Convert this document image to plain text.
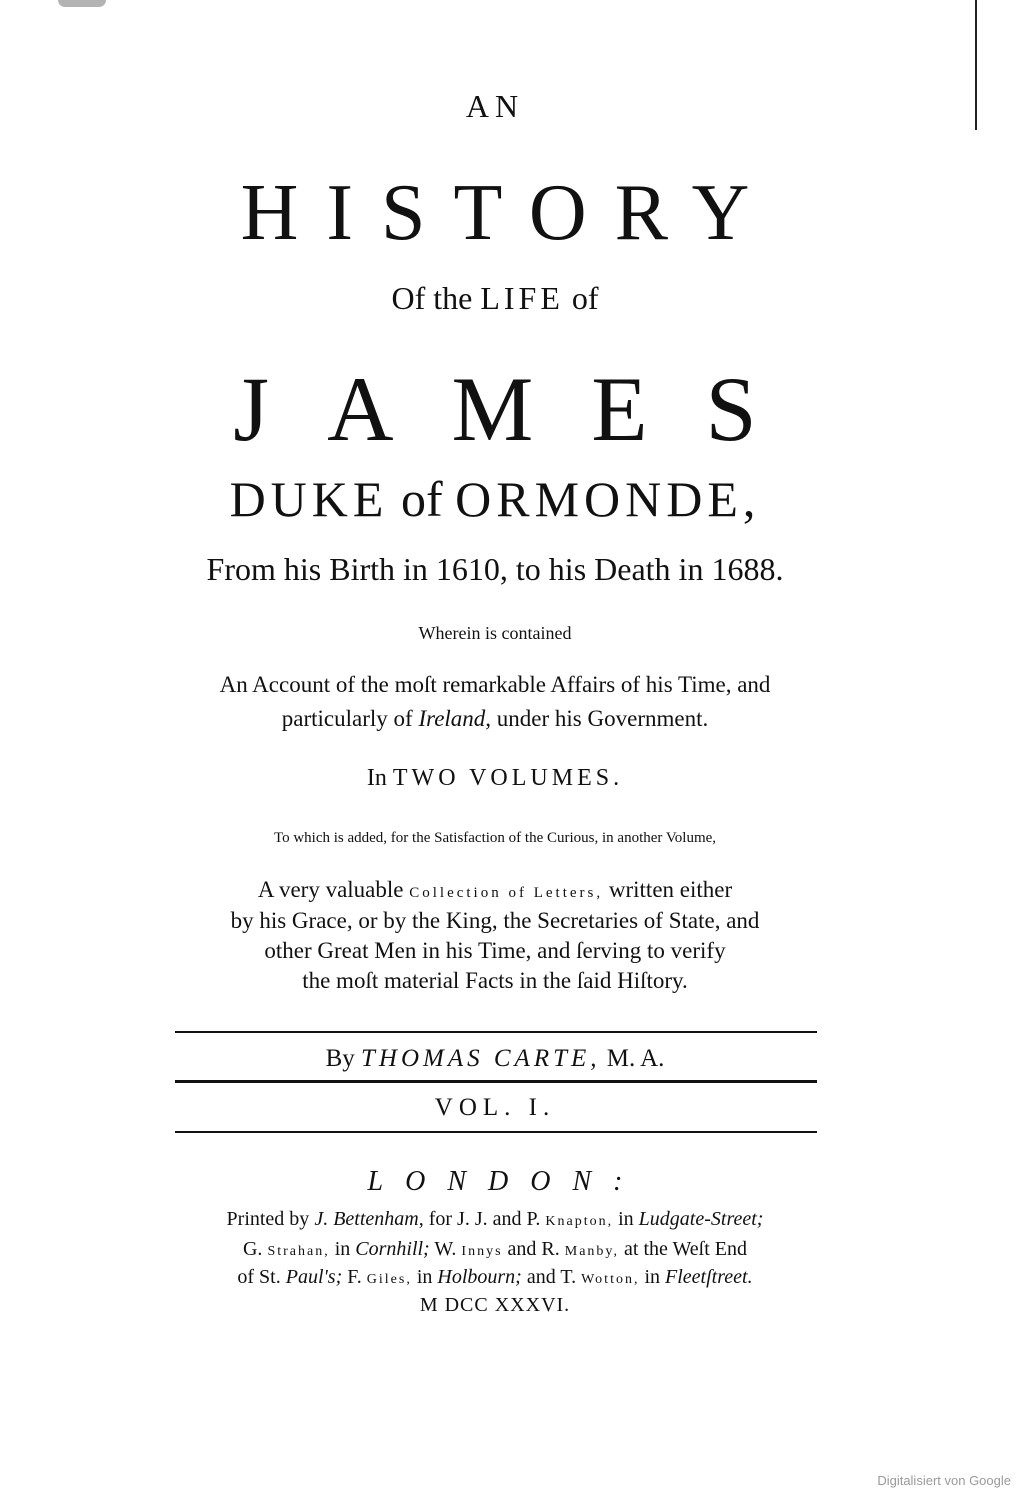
AN
HISTORY
Of the LIFE of
JAMES
DUKE of ORMONDE,
From his Birth in 1610, to his Death in 1688.
Wherein is contained
An Account of the moſt remarkable Affairs of his Time, and
particularly of Ireland, under his Government.
In TWO VOLUMES.
To which is added, for the Satisfaction of the Curious, in another Volume,
A very valuable Collection of Letters, written either
by his Grace, or by the King, the Secretaries of State, and
other Great Men in his Time, and ſerving to verify
the moſt material Facts in the ſaid Hiſtory.
By THOMAS CARTE, M. A.
VOL. I.
LONDON:
Printed by J. Bettenham, for J. J. and P. Knapton, in Ludgate-Street;
G. Strahan, in Cornhill; W. Innys and R. Manby, at the Weſt End
of St. Paul's; F. Giles, in Holbourn; and T. Wotton, in Fleetſtreet.
M DCC XXXVI.
Digitalisiert von Google
